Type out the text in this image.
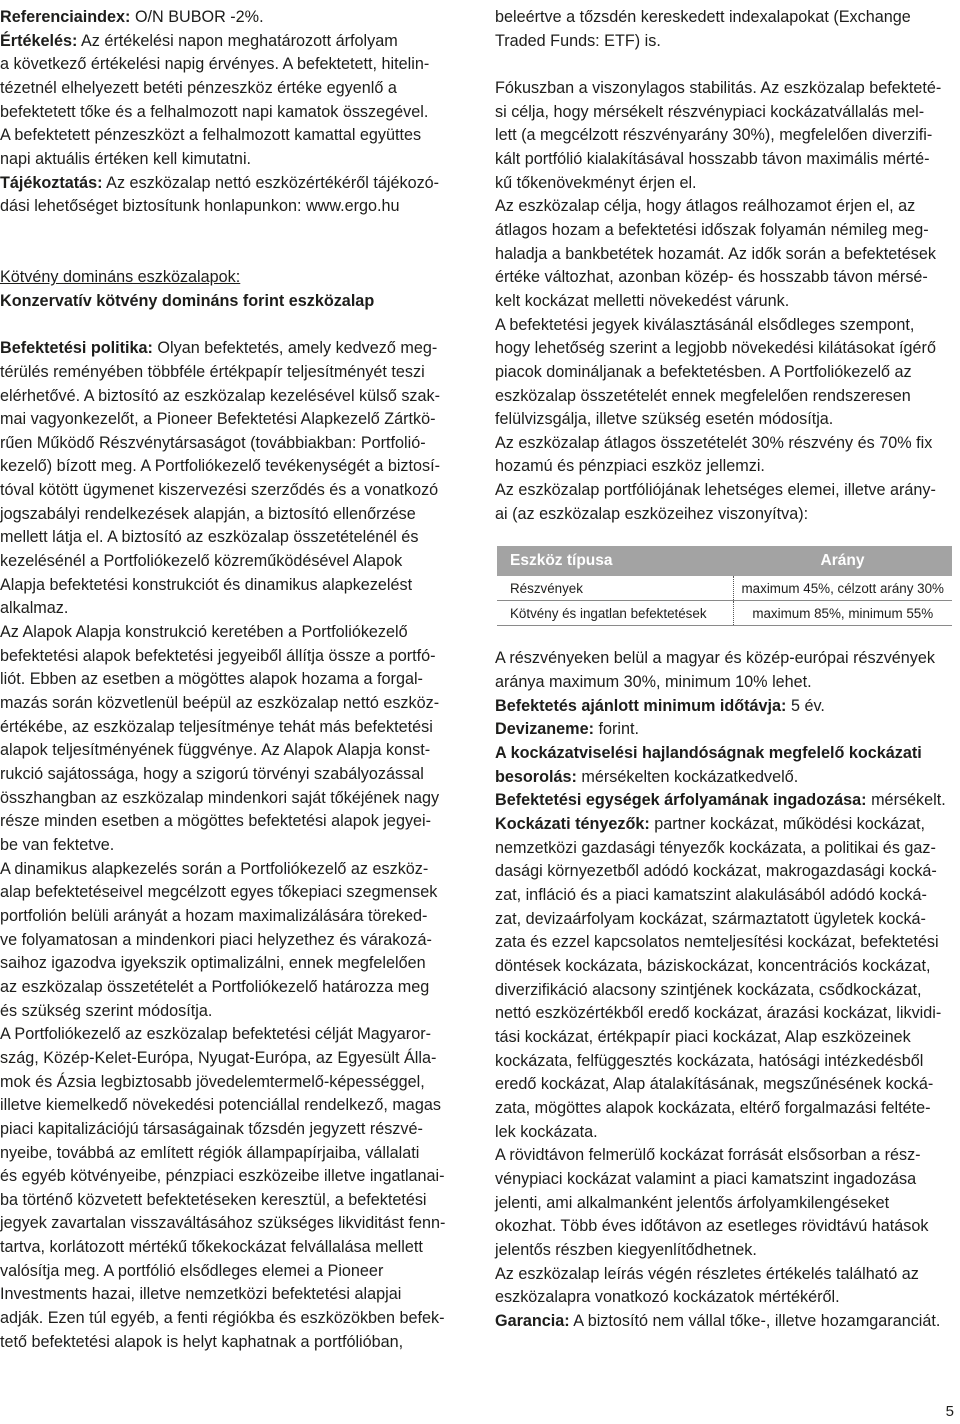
Referenciaindex: O/N BUBOR -2%.
Értékelés: Az értékelési napon meghatározott árfolyam
a következő értékelési napig érvényes. A befektetett, hitelin-
tézetnél elhelyezett betéti pénzeszköz értéke egyenlő a
befektetett tőke és a felhalmozott napi kamatok összegével.
A befektetett pénzeszközt a felhalmozott kamattal együttes
napi aktuális értéken kell kimutatni.
Tájékoztatás: Az eszközalap nettó eszközértékéről tájékozó-
dási lehetőséget biztosítunk honlapunkon: www.ergo.hu
Kötvény domináns eszközalapok:
Konzervatív kötvény domináns forint eszközalap
Befektetési politika: Olyan befektetés, amely kedvező meg-
térülés reményében többféle értékpapír teljesítményét teszi
elérhetővé. A biztosító az eszközalap kezelésével külső szak-
mai vagyonkezelőt, a Pioneer Befektetési Alapkezelő Zártkö-
rűen Működő Részvénytársaságot (továbbiakban: Portfolió-
kezelő) bízott meg. A Portfoliókezelő tevékenységét a biztosí-
tóval kötött ügymenet kiszervezési szerződés és a vonatkozó
jogszabályi rendelkezések alapján, a biztosító ellenőrzése
mellett látja el. A biztosító az eszközalap összetételénél és
kezelésénél a Portfoliókezelő közreműködésével Alapok
Alapja befektetési konstrukciót és dinamikus alapkezelést
alkalmaz.
Az Alapok Alapja konstrukció keretében a Portfoliókezelő
befektetési alapok befektetési jegyeiből állítja össze a portfó-
liót. Ebben az esetben a mögöttes alapok hozama a forgal-
mazás során közvetlenül beépül az eszközalap nettó eszköz-
értékébe, az eszközalap teljesítménye tehát más befektetési
alapok teljesítményének függvénye. Az Alapok Alapja konst-
rukció sajátossága, hogy a szigorú törvényi szabályozással
összhangban az eszközalap mindenkori saját tőkéjének nagy
része minden esetben a mögöttes befektetési alapok jegyei-
be van fektetve.
A dinamikus alapkezelés során a Portfoliókezelő az eszköz-
alap befektetéseivel megcélzott egyes tőkepiaci szegmensek
portfolión belüli arányát a hozam maximalizálására töreked-
ve folyamatosan a mindenkori piaci helyzethez és várakozá-
saihoz igazodva igyekszik optimalizálni, ennek megfelelően
az eszközalap összetételét a Portfoliókezelő határozza meg
és szükség szerint módosítja.
A Portfoliókezelő az eszközalap befektetési célját Magyaror-
szág, Közép-Kelet-Európa, Nyugat-Európa, az Egyesült Álla-
mok és Ázsia legbiztosabb jövedelemtermelő-képességgel,
illetve kiemelkedő növekedési potenciállal rendelkező, magas
piaci kapitalizációjú társaságainak tőzsdén jegyzett részvé-
nyeibe, továbbá az említett régiók állampapírjaiba, vállalati
és egyéb kötvényeibe, pénzpiaci eszközeibe illetve ingatlanai-
ba történő közvetett befektetéseken keresztül, a befektetési
jegyek zavartalan visszaváltásához szükséges likviditást fenn-
tartva, korlátozott mértékű tőkekockázat felvállalása mellett
valósítja meg. A portfólió elsődleges elemei a Pioneer
Investments hazai, illetve nemzetközi befektetési alapjai
adják. Ezen túl egyéb, a fenti régiókba és eszközökben befek-
tető befektetési alapok is helyt kaphatnak a portfólióban,
beleértve a tőzsdén kereskedett indexalapokat (Exchange
Traded Funds: ETF) is.
Fókuszban a viszonylagos stabilitás. Az eszközalap befekteté-
si célja, hogy mérsékelt részvénypiaci kockázatvállalás mel-
lett (a megcélzott részvényarány 30%), megfelelően diverzifi-
kált portfólió kialakításával hosszabb távon maximális mérté-
kű tőkenövekményt érjen el.
Az eszközalap célja, hogy átlagos reálhozamot érjen el, az
átlagos hozam a befektetési időszak folyamán némileg meg-
haladja a bankbetétek hozamát. Az idők során a befektetések
értéke változhat, azonban közép- és hosszabb távon mérsé-
kelt kockázat melletti növekedést várunk.
A befektetési jegyek kiválasztásánál elsődleges szempont,
hogy lehetőség szerint a legjobb növekedési kilátásokat ígérő
piacok domináljanak a befektetésben. A Portfoliókezelő az
eszközalap összetételét ennek megfelelően rendszeresen
felülvizsgálja, illetve szükség esetén módosítja.
Az eszközalap átlagos összetételét 30% részvény és 70% fix
hozamú és pénzpiaci eszköz jellemzi.
Az eszközalap portfóliójának lehetséges elemei, illetve arány-
ai (az eszközalap eszközeihez viszonyítva):
Eszköz típusa	Arány
Részvények	maximum 45%, célzott arány 30%
Kötvény és ingatlan befektetések	maximum 85%, minimum 55%
A részvényeken belül a magyar és közép-európai részvények
aránya maximum 30%, minimum 10% lehet.
Befektetés ajánlott minimum időtávja: 5 év.
Devizaneme: forint.
A kockázatviselési hajlandóságnak megfelelő kockázati
besorolás: mérsékelten kockázatkedvelő.
Befektetési egységek árfolyamának ingadozása: mérsékelt.
Kockázati tényezők: partner kockázat, működési kockázat,
nemzetközi gazdasági tényezők kockázata, a politikai és gaz-
dasági környezetből adódó kockázat, makrogazdasági kocká-
zat, infláció és a piaci kamatszint alakulásából adódó kocká-
zat, devizaárfolyam kockázat, származtatott ügyletek kocká-
zata és ezzel kapcsolatos nemteljesítési kockázat, befektetési
döntések kockázata, báziskockázat, koncentrációs kockázat,
diverzifikáció alacsony szintjének kockázata, csődkockázat,
nettó eszközértékből eredő kockázat, árazási kockázat, likvidi-
tási kockázat, értékpapír piaci kockázat, Alap eszközeinek
kockázata, felfüggesztés kockázata, hatósági intézkedésből
eredő kockázat, Alap átalakításának, megszűnésének kocká-
zata, mögöttes alapok kockázata, eltérő forgalmazási feltéte-
lek kockázata.
A rövidtávon felmerülő kockázat forrását elsősorban a rész-
vénypiaci kockázat valamint a piaci kamatszint ingadozása
jelenti, ami alkalmanként jelentős árfolyamkilengéseket
okozhat. Több éves időtávon az esetleges rövidtávú hatások
jelentős részben kiegyenlítődhetnek.
Az eszközalap leírás végén részletes értékelés található az
eszközalapra vonatkozó kockázatok mértékéről.
Garancia: A biztosító nem vállal tőke-, illetve hozamgaranciát.
5
